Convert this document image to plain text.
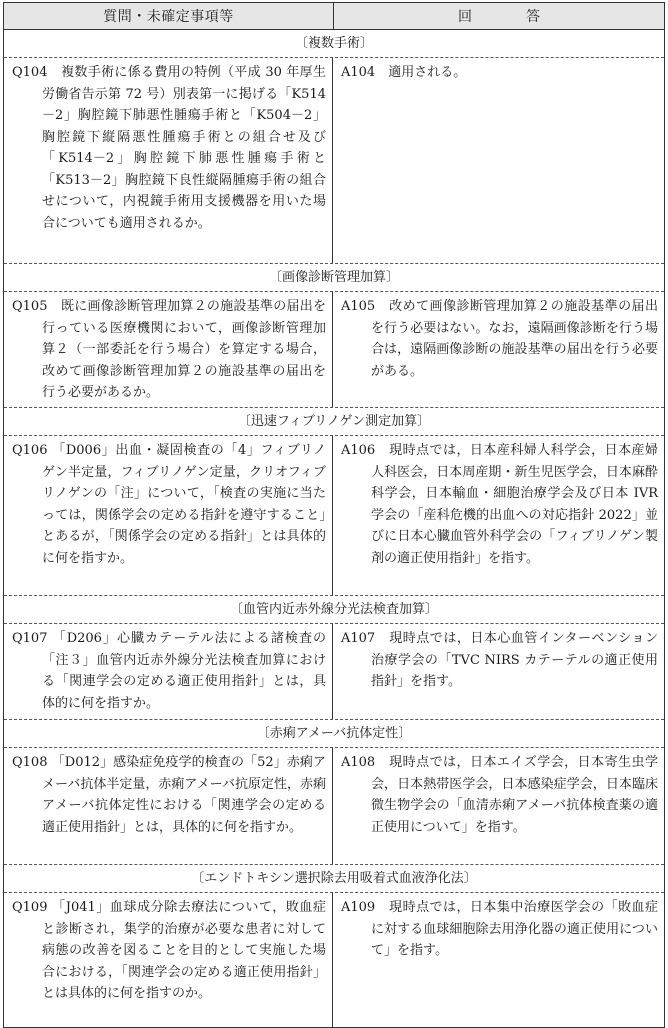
質問・未確定事項等	回　答
〔複数手術〕

Q104　複数手術に係る費用の特例（平成 30 年厚生労働省告示第 72 号）別表第一に掲げる「K514－2」胸腔鏡下肺悪性腫瘍手術と「K504－2」胸腔鏡下縦隔悪性腫瘍手術との組合せ及び「K514－2」胸腔鏡下肺悪性腫瘍手術と「K513－2」胸腔鏡下良性縦隔腫瘍手術の組合せについて，内視鏡手術用支援機器を用いた場合についても適用されるか。

A104　適用される。

〔画像診断管理加算〕

Q105　既に画像診断管理加算２の施設基準の届出を行っている医療機関において，画像診断管理加算２（一部委託を行う場合）を算定する場合，改めて画像診断管理加算２の施設基準の届出を行う必要があるか。

A105　改めて画像診断管理加算２の施設基準の届出を行う必要はない。なお，遠隔画像診断を行う場合は，遠隔画像診断の施設基準の届出を行う必要がある。

〔迅速フィブリノゲン測定加算〕

Q106 「D006」出血・凝固検査の「4」フィブリノゲン半定量，フィブリノゲン定量，クリオフィブリノゲンの「注」について，「検査の実施に当たっては，関係学会の定める指針を遵守すること」とあるが，「関係学会の定める指針」とは具体的に何を指すか。

A106　現時点では，日本産科婦人科学会，日本産婦人科医会，日本周産期・新生児医学会，日本麻酔科学会，日本輸血・細胞治療学会及び日本 IVR 学会の「産科危機的出血への対応指針 2022」並びに日本心臓血管外科学会の「フィブリノゲン製剤の適正使用指針」を指す。

〔血管内近赤外線分光法検査加算〕

Q107 「D206」心臓カテーテル法による諸検査の「注３」血管内近赤外線分光法検査加算における「関連学会の定める適正使用指針」とは，具体的に何を指すか。

A107　現時点では，日本心血管インターベンション治療学会の「TVC NIRS カテーテルの適正使用指針」を指す。

〔赤痢アメーバ抗体定性〕

Q108 「D012」感染症免疫学的検査の「52」赤痢アメーバ抗体半定量，赤痢アメーバ抗原定性，赤痢アメーバ抗体定性における「関連学会の定める適正使用指針」とは，具体的に何を指すか。

A108　現時点では，日本エイズ学会，日本寄生虫学会，日本熱帯医学会，日本感染症学会，日本臨床微生物学会の「血清赤痢アメーバ抗体検査薬の適正使用について」を指す。

〔エンドトキシン選択除去用吸着式血液浄化法〕

Q109 「J041」血球成分除去療法について，敗血症と診断され，集学的治療が必要な患者に対して病態の改善を図ることを目的として実施した場合における，「関連学会の定める適正使用指針」とは具体的に何を指すのか。

A109　現時点では，日本集中治療医学会の「敗血症に対する血球細胞除去用浄化器の適正使用について」を指す。
